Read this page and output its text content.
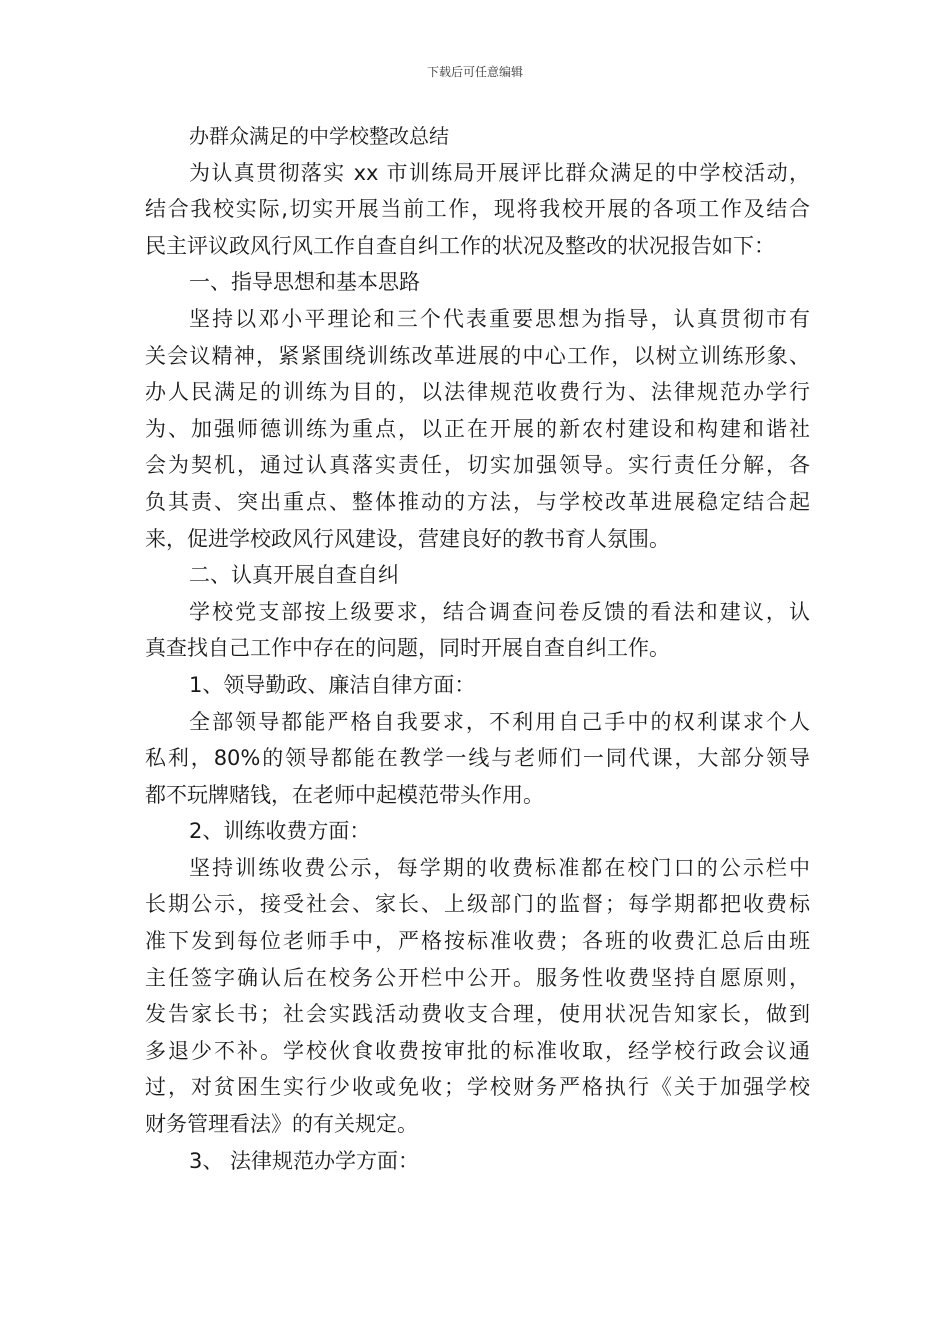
下载后可任意编辑
办群众满足的中学校整改总结
为认真贯彻落实 xx 市训练局开展评比群众满足的中学校活动，
结合我校实际,切实开展当前工作，现将我校开展的各项工作及结合
民主评议政风行风工作自查自纠工作的状况及整改的状况报告如下：
一、指导思想和基本思路
坚持以邓小平理论和三个代表重要思想为指导，认真贯彻市有
关会议精神，紧紧围绕训练改革进展的中心工作，以树立训练形象、
办人民满足的训练为目的，以法律规范收费行为、法律规范办学行
为、加强师德训练为重点，以正在开展的新农村建设和构建和谐社
会为契机，通过认真落实责任，切实加强领导。实行责任分解，各
负其责、突出重点、整体推动的方法，与学校改革进展稳定结合起
来，促进学校政风行风建设，营建良好的教书育人氛围。
二、认真开展自查自纠
学校党支部按上级要求，结合调查问卷反馈的看法和建议，认
真查找自己工作中存在的问题，同时开展自查自纠工作。
1、领导勤政、廉洁自律方面：
全部领导都能严格自我要求，不利用自己手中的权利谋求个人
私利，80%的领导都能在教学一线与老师们一同代课，大部分领导
都不玩牌赌钱，在老师中起模范带头作用。
2、训练收费方面：
坚持训练收费公示，每学期的收费标准都在校门口的公示栏中
长期公示，接受社会、家长、上级部门的监督；每学期都把收费标
准下发到每位老师手中，严格按标准收费；各班的收费汇总后由班
主任签字确认后在校务公开栏中公开。服务性收费坚持自愿原则，
发告家长书；社会实践活动费收支合理，使用状况告知家长，做到
多退少不补。学校伙食收费按审批的标准收取，经学校行政会议通
过，对贫困生实行少收或免收；学校财务严格执行《关于加强学校
财务管理看法》的有关规定。
3、 法律规范办学方面：
